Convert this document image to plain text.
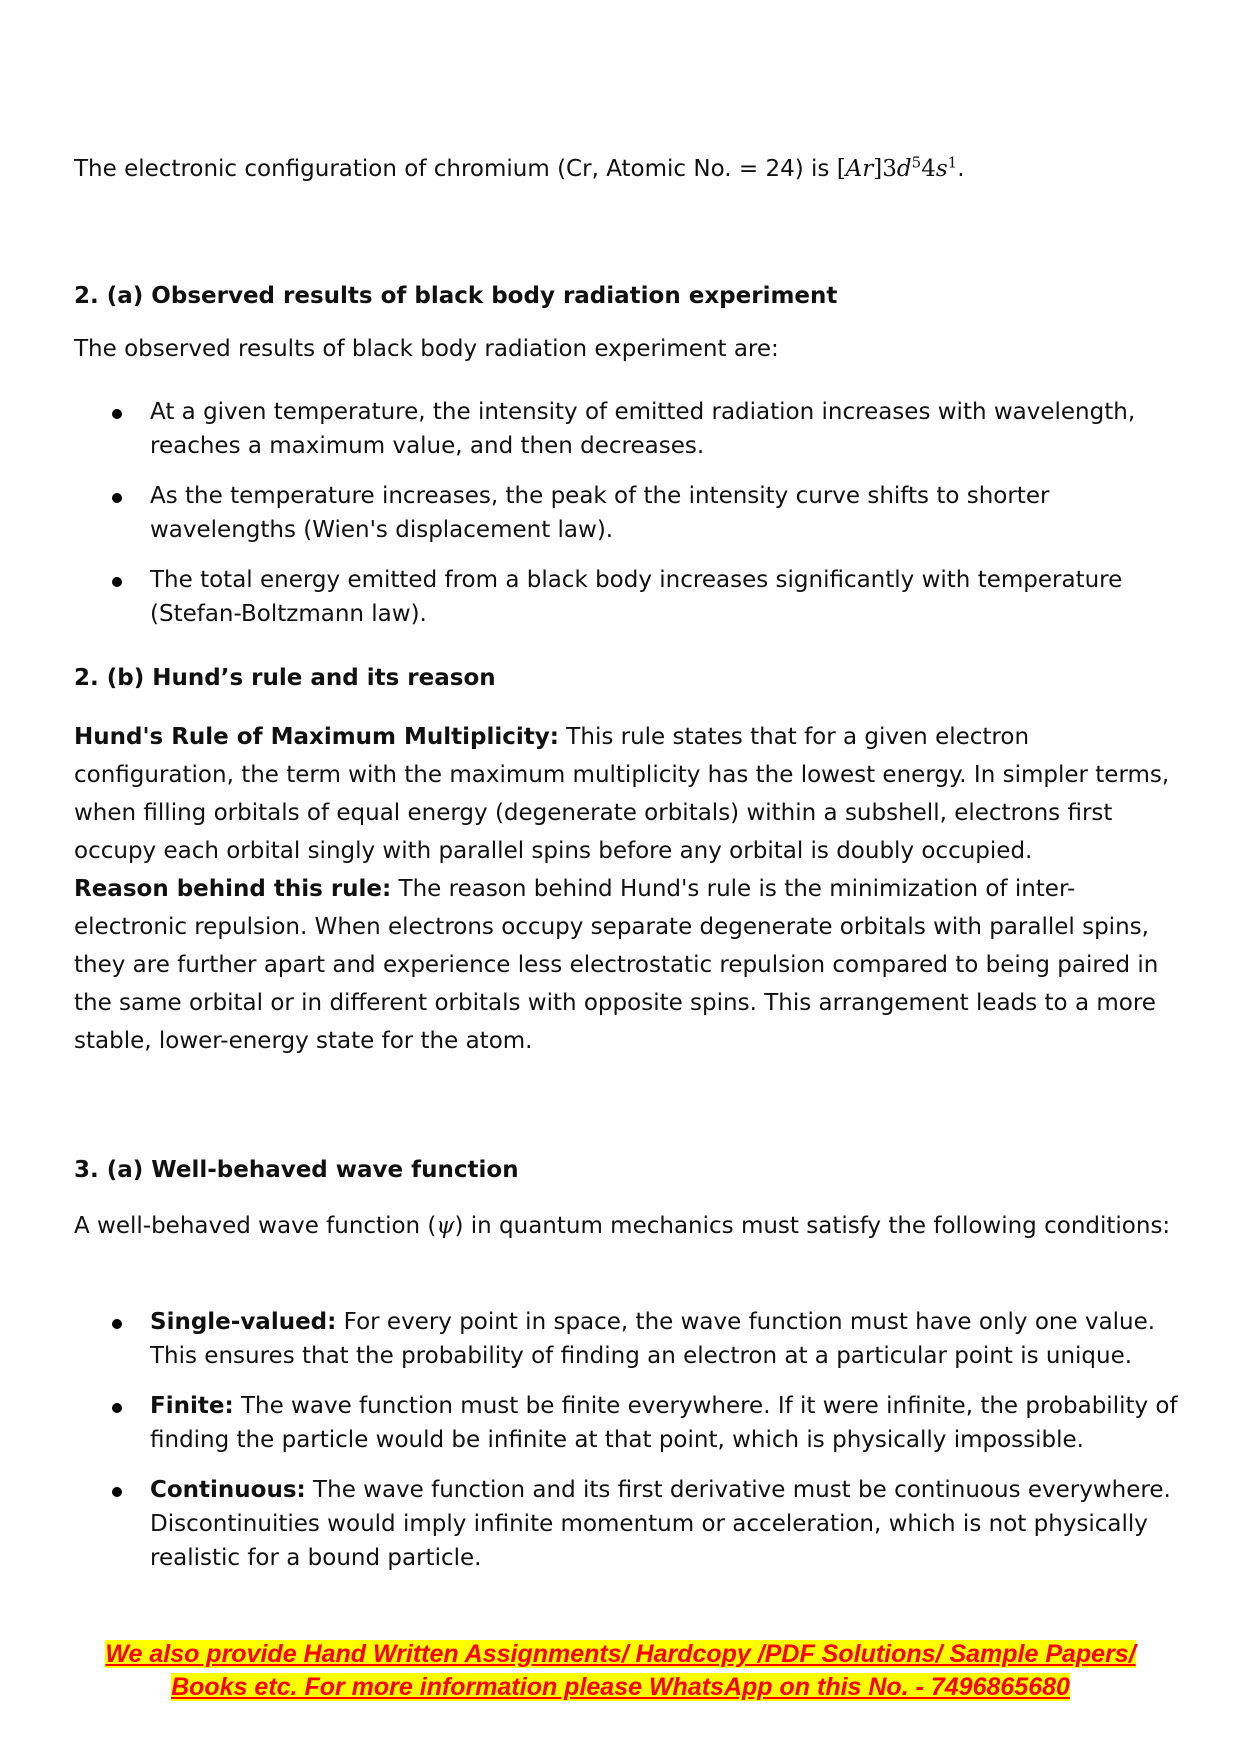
The electronic configuration of chromium (Cr, Atomic No. = 24) is $[Ar]3d^54s^1$.

2. (a) Observed results of black body radiation experiment

The observed results of black body radiation experiment are:

At a given temperature, the intensity of emitted radiation increases with wavelength, reaches a maximum value, and then decreases.
As the temperature increases, the peak of the intensity curve shifts to shorter wavelengths (Wien's displacement law).
The total energy emitted from a black body increases significantly with temperature (Stefan-Boltzmann law).
2. (b) Hund’s rule and its reason

Hund's Rule of Maximum Multiplicity: This rule states that for a given electron configuration, the term with the maximum multiplicity has the lowest energy. In simpler terms, when filling orbitals of equal energy (degenerate orbitals) within a subshell, electrons first occupy each orbital singly with parallel spins before any orbital is doubly occupied.
Reason behind this rule: The reason behind Hund's rule is the minimization of inter-electronic repulsion. When electrons occupy separate degenerate orbitals with parallel spins, they are further apart and experience less electrostatic repulsion compared to being paired in the same orbital or in different orbitals with opposite spins. This arrangement leads to a more stable, lower-energy state for the atom.

3. (a) Well-behaved wave function

A well-behaved wave function (ψ) in quantum mechanics must satisfy the following conditions:

Single-valued: For every point in space, the wave function must have only one value. This ensures that the probability of finding an electron at a particular point is unique.
Finite: The wave function must be finite everywhere. If it were infinite, the probability of finding the particle would be infinite at that point, which is physically impossible.
Continuous: The wave function and its first derivative must be continuous everywhere. Discontinuities would imply infinite momentum or acceleration, which is not physically realistic for a bound particle.
We also provide Hand Written Assignments/ Hardcopy /PDF Solutions/ Sample Papers/
Books etc. For more information please WhatsApp on this No. - 7496865680
